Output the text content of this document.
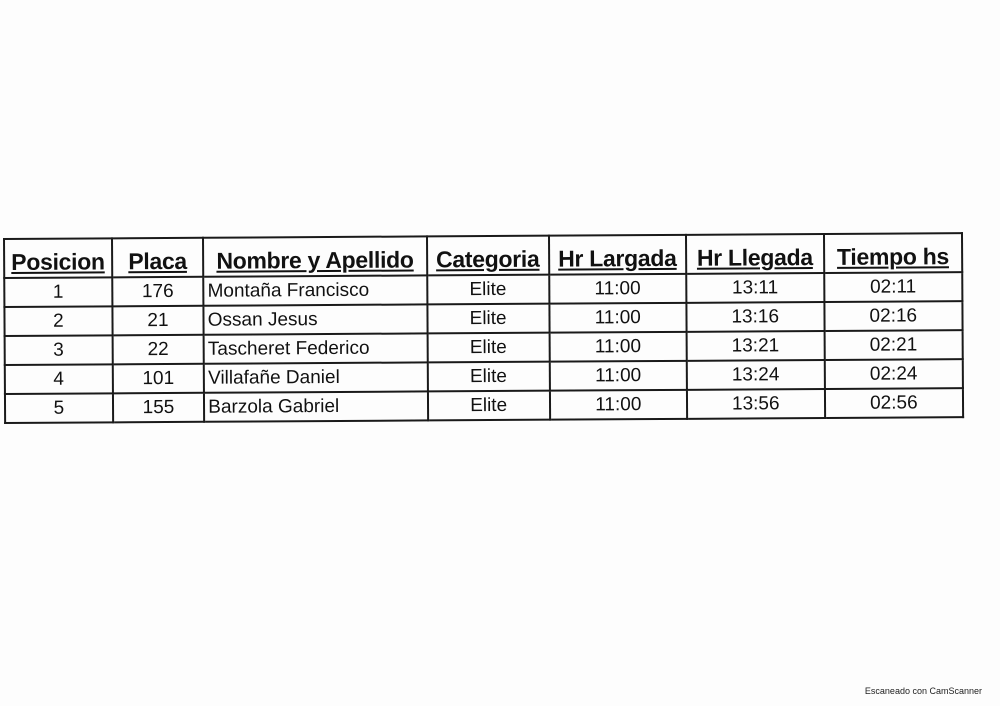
Posicion	Placa	Nombre y Apellido	Categoria	Hr Largada	Hr Llegada	Tiempo hs
1	176	Montaña Francisco	Elite	11:00	13:11	02:11
2	21	Ossan Jesus	Elite	11:00	13:16	02:16
3	22	Tascheret Federico	Elite	11:00	13:21	02:21
4	101	Villafañe Daniel	Elite	11:00	13:24	02:24
5	155	Barzola Gabriel	Elite	11:00	13:56	02:56
Escaneado con CamScanner
